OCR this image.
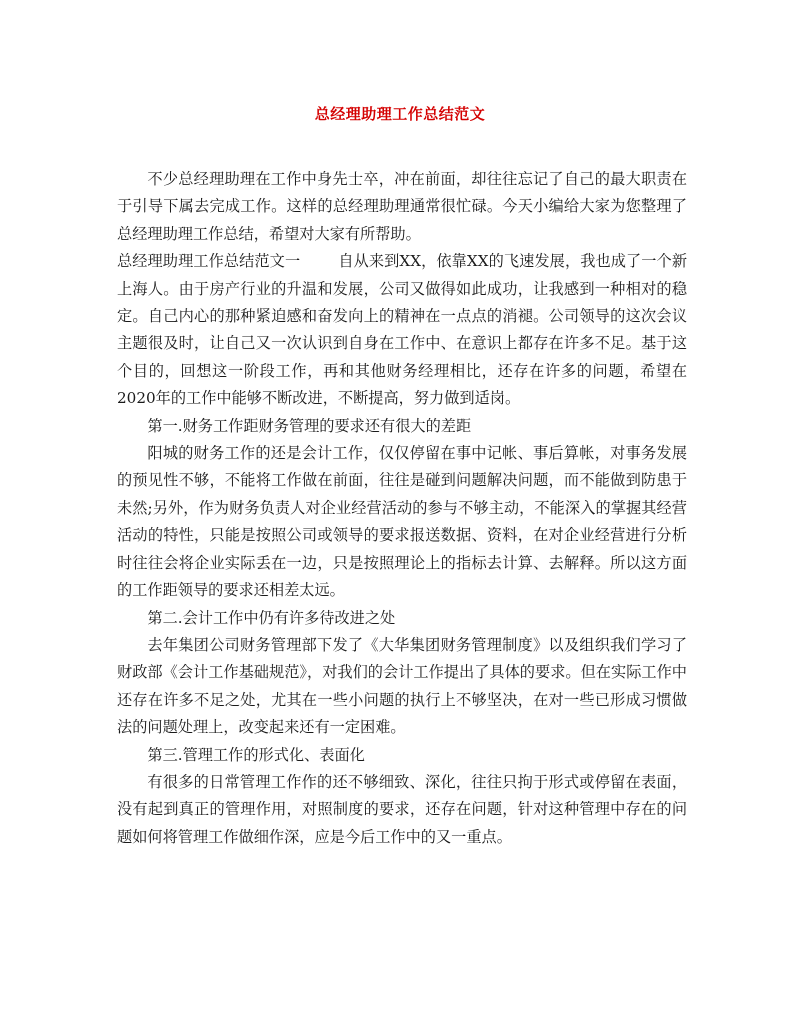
总经理助理工作总结范文

不少总经理助理在工作中身先士卒，冲在前面，却往往忘记了自己的最大职责在于引导下属去完成工作。这样的总经理助理通常很忙碌。今天小编给大家为您整理了总经理助理工作总结，希望对大家有所帮助。

总经理助理工作总结范文一	自从来到XX，依靠XX的飞速发展，我也成了一个新上海人。由于房产行业的升温和发展，公司又做得如此成功，让我感到一种相对的稳定。自己内心的那种紧迫感和奋发向上的精神在一点点的消褪。公司领导的这次会议主题很及时，让自己又一次认识到自身在工作中、在意识上都存在许多不足。基于这个目的，回想这一阶段工作，再和其他财务经理相比，还存在许多的问题，希望在2020年的工作中能够不断改进，不断提高，努力做到适岗。

第一.财务工作距财务管理的要求还有很大的差距

阳城的财务工作的还是会计工作，仅仅停留在事中记帐、事后算帐，对事务发展的预见性不够，不能将工作做在前面，往往是碰到问题解决问题，而不能做到防患于未然;另外，作为财务负责人对企业经营活动的参与不够主动，不能深入的掌握其经营活动的特性，只能是按照公司或领导的要求报送数据、资料，在对企业经营进行分析时往往会将企业实际丢在一边，只是按照理论上的指标去计算、去解释。所以这方面的工作距领导的要求还相差太远。

第二.会计工作中仍有许多待改进之处

去年集团公司财务管理部下发了《大华集团财务管理制度》以及组织我们学习了财政部《会计工作基础规范》，对我们的会计工作提出了具体的要求。但在实际工作中还存在许多不足之处，尤其在一些小问题的执行上不够坚决，在对一些已形成习惯做法的问题处理上，改变起来还有一定困难。

第三.管理工作的形式化、表面化

有很多的日常管理工作作的还不够细致、深化，往往只拘于形式或停留在表面，没有起到真正的管理作用，对照制度的要求，还存在问题，针对这种管理中存在的问题如何将管理工作做细作深，应是今后工作中的又一重点。
